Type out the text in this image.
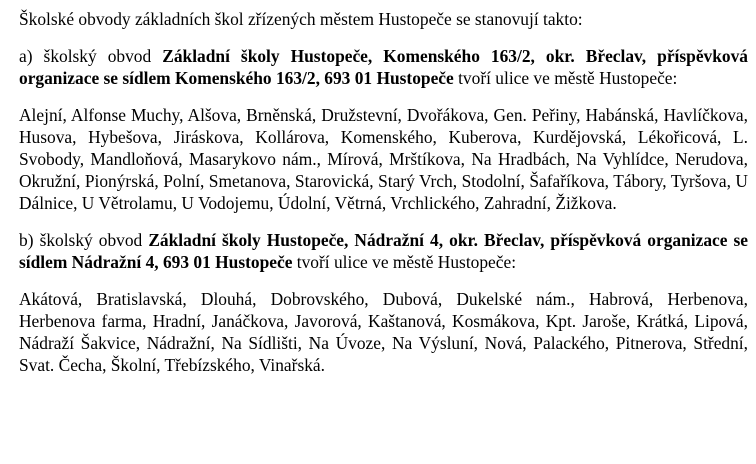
Školské obvody základních škol zřízených městem Hustopeče se stanovují takto:

a) školský obvod Základní školy Hustopeče, Komenského 163/2, okr. Břeclav, příspěvková organizace se sídlem Komenského 163/2, 693 01 Hustopeče tvoří ulice ve městě Hustopeče:

Alejní, Alfonse Muchy, Alšova, Brněnská, Družstevní, Dvořákova, Gen. Peřiny, Habánská, Havlíčkova, Husova, Hybešova, Jiráskova, Kollárova, Komenského, Kuberova, Kurdějovská, Lékořicová, L. Svobody, Mandloňová, Masarykovo nám., Mírová, Mrštíkova, Na Hradbách, Na Vyhlídce, Nerudova, Okružní, Pionýrská, Polní, Smetanova, Starovická, Starý Vrch, Stodolní, Šafaříkova, Tábory, Tyršova, U Dálnice, U Větrolamu, U Vodojemu, Údolní, Větrná, Vrchlického, Zahradní, Žižkova.

b) školský obvod Základní školy Hustopeče, Nádražní 4, okr. Břeclav, příspěvková organizace se sídlem Nádražní 4, 693 01 Hustopeče tvoří ulice ve městě Hustopeče:

Akátová, Bratislavská, Dlouhá, Dobrovského, Dubová, Dukelské nám., Habrová, Herbenova, Herbenova farma, Hradní, Janáčkova, Javorová, Kaštanová, Kosmákova, Kpt. Jaroše, Krátká, Lipová, Nádraží Šakvice, Nádražní, Na Sídlišti, Na Úvoze, Na Výsluní, Nová, Palackého, Pitnerova, Střední, Svat. Čecha, Školní, Třebízského, Vinařská.
